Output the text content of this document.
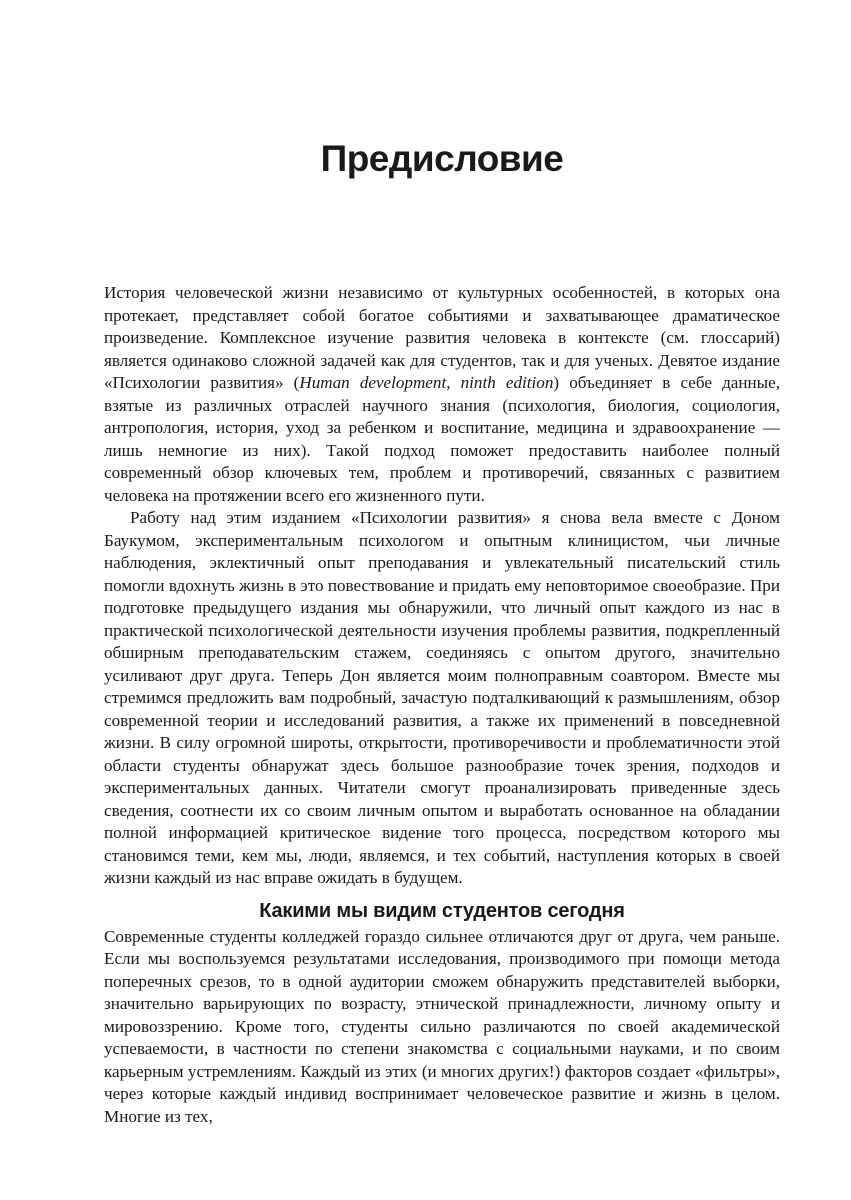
Предисловие

История человеческой жизни независимо от культурных особенностей, в которых она протекает, представляет собой богатое событиями и захватывающее драматическое произведение. Комплексное изучение развития человека в контексте (см. глоссарий) является одинаково сложной задачей как для студентов, так и для ученых. Девятое издание «Психологии развития» (Human development, ninth edition) объединяет в себе данные, взятые из различных отраслей научного знания (психология, биология, социология, антропология, история, уход за ребенком и воспитание, медицина и здравоохранение — лишь немногие из них). Такой подход поможет предоставить наиболее полный современный обзор ключевых тем, проблем и противоречий, связанных с развитием человека на протяжении всего его жизненного пути.

Работу над этим изданием «Психологии развития» я снова вела вместе с Доном Баукумом, экспериментальным психологом и опытным клиницистом, чьи личные наблюдения, эклектичный опыт преподавания и увлекательный писательский стиль помогли вдохнуть жизнь в это повествование и придать ему неповторимое своеобразие. При подготовке предыдущего издания мы обнаружили, что личный опыт каждого из нас в практической психологической деятельности изучения проблемы развития, подкрепленный обширным преподавательским стажем, соединяясь с опытом другого, значительно усиливают друг друга. Теперь Дон является моим полноправным соавтором. Вместе мы стремимся предложить вам подробный, зачастую подталкивающий к размышлениям, обзор современной теории и исследований развития, а также их применений в повседневной жизни. В силу огромной широты, открытости, противоречивости и проблематичности этой области студенты обнаружат здесь большое разнообразие точек зрения, подходов и экспериментальных данных. Читатели смогут проанализировать приведенные здесь сведения, соотнести их со своим личным опытом и выработать основанное на обладании полной информацией критическое видение того процесса, посредством которого мы становимся теми, кем мы, люди, являемся, и тех событий, наступления которых в своей жизни каждый из нас вправе ожидать в будущем.

Какими мы видим студентов сегодня

Современные студенты колледжей гораздо сильнее отличаются друг от друга, чем раньше. Если мы воспользуемся результатами исследования, производимого при помощи метода поперечных срезов, то в одной аудитории сможем обнаружить представителей выборки, значительно варьирующих по возрасту, этнической принадлежности, личному опыту и мировоззрению. Кроме того, студенты сильно различаются по своей академической успеваемости, в частности по степени знакомства с социальными науками, и по своим карьерным устремлениям. Каждый из этих (и многих других!) факторов создает «фильтры», через которые каждый индивид воспринимает человеческое развитие и жизнь в целом. Многие из тех,
